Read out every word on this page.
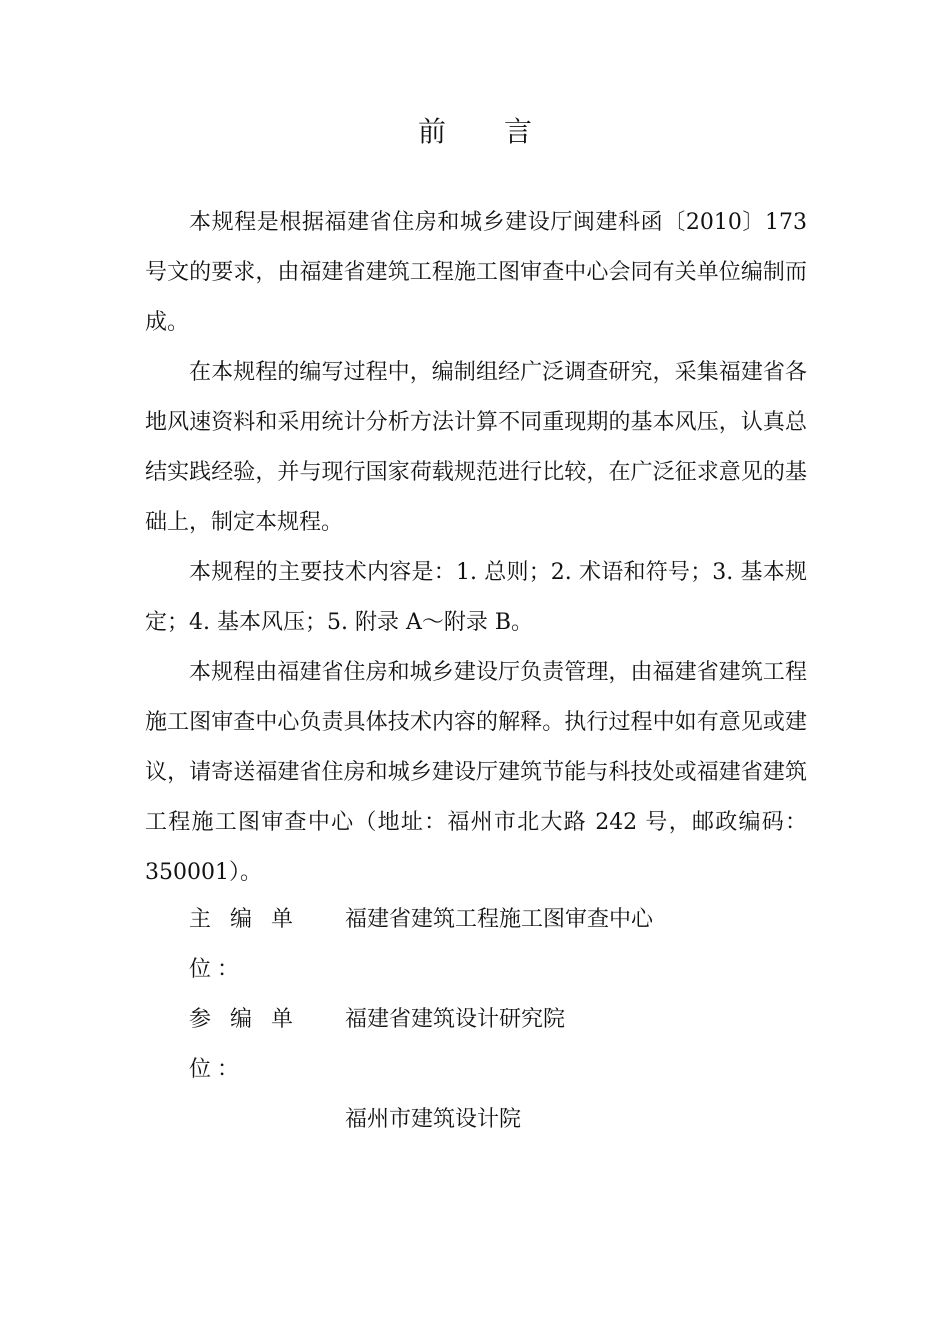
前 言

本规程是根据福建省住房和城乡建设厅闽建科函〔2010〕173 号文的要求，由福建省建筑工程施工图审查中心会同有关单位编制而成。

在本规程的编写过程中，编制组经广泛调查研究，采集福建省各地风速资料和采用统计分析方法计算不同重现期的基本风压，认真总结实践经验，并与现行国家荷载规范进行比较，在广泛征求意见的基础上，制定本规程。

本规程的主要技术内容是：1. 总则；2. 术语和符号；3. 基本规定；4. 基本风压；5. 附录 A～附录 B。

本规程由福建省住房和城乡建设厅负责管理，由福建省建筑工程施工图审查中心负责具体技术内容的解释。执行过程中如有意见或建议，请寄送福建省住房和城乡建设厅建筑节能与科技处或福建省建筑工程施工图审查中心（地址：福州市北大路 242 号，邮政编码：350001）。

主 编 单 位：
福建省建筑工程施工图审查中心
参 编 单 位：
福建省建筑设计研究院
福州市建筑设计院
